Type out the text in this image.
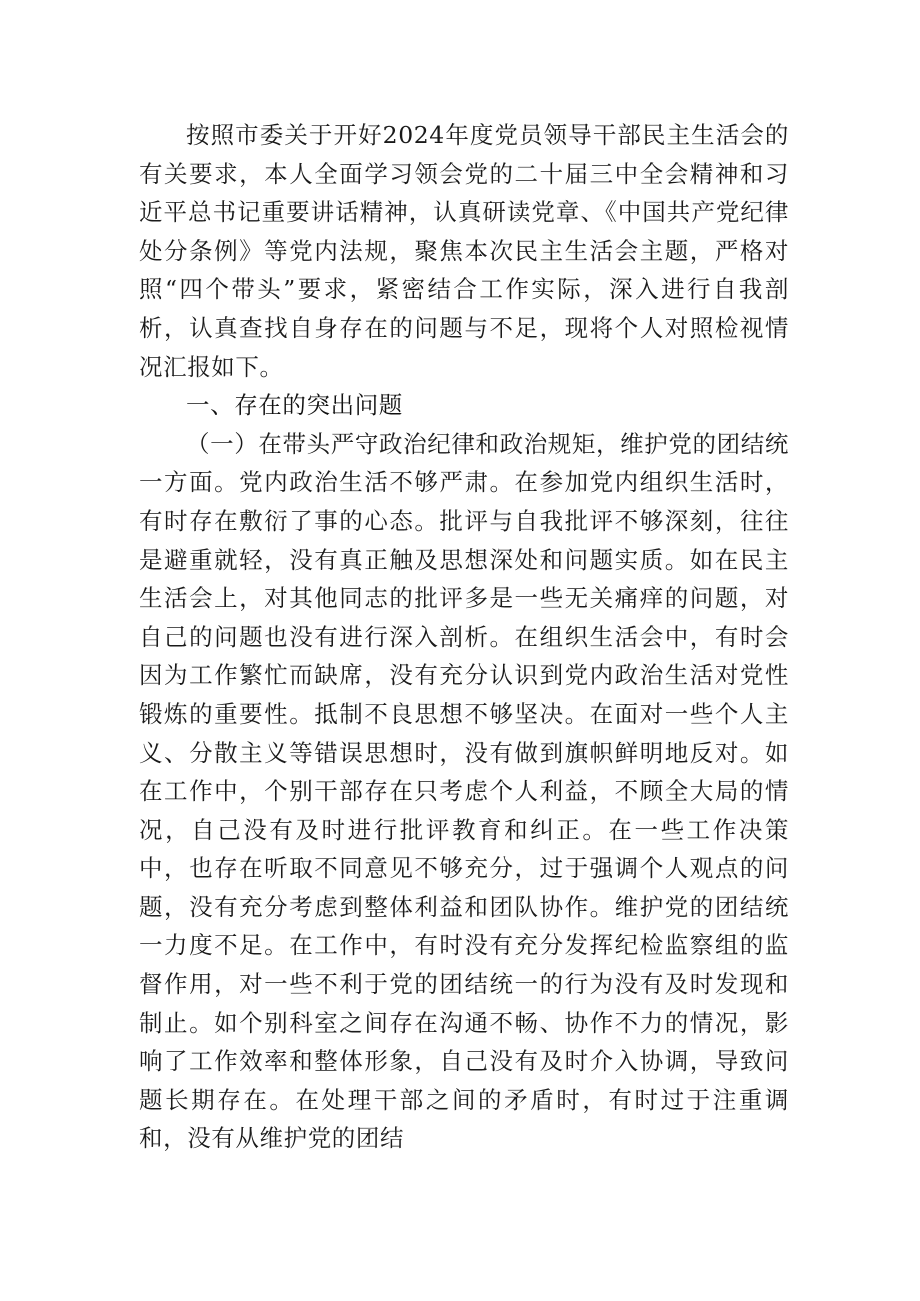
按照市委关于开好2024年度党员领导干部民主生活会的有关要求，本人全面学习领会党的二十届三中全会精神和习近平总书记重要讲话精神，认真研读党章、《中国共产党纪律处分条例》等党内法规，聚焦本次民主生活会主题，严格对照“四个带头”要求，紧密结合工作实际，深入进行自我剖析，认真查找自身存在的问题与不足，现将个人对照检视情况汇报如下。

一、存在的突出问题

（一）在带头严守政治纪律和政治规矩，维护党的团结统一方面。党内政治生活不够严肃。在参加党内组织生活时，有时存在敷衍了事的心态。批评与自我批评不够深刻，往往是避重就轻，没有真正触及思想深处和问题实质。如在民主生活会上，对其他同志的批评多是一些无关痛痒的问题，对自己的问题也没有进行深入剖析。在组织生活会中，有时会因为工作繁忙而缺席，没有充分认识到党内政治生活对党性锻炼的重要性。抵制不良思想不够坚决。在面对一些个人主义、分散主义等错误思想时，没有做到旗帜鲜明地反对。如在工作中，个别干部存在只考虑个人利益，不顾全大局的情况，自己没有及时进行批评教育和纠正。在一些工作决策中，也存在听取不同意见不够充分，过于强调个人观点的问题，没有充分考虑到整体利益和团队协作。维护党的团结统一力度不足。在工作中，有时没有充分发挥纪检监察组的监督作用，对一些不利于党的团结统一的行为没有及时发现和制止。如个别科室之间存在沟通不畅、协作不力的情况，影响了工作效率和整体形象，自己没有及时介入协调，导致问题长期存在。在处理干部之间的矛盾时，有时过于注重调和，没有从维护党的团结
